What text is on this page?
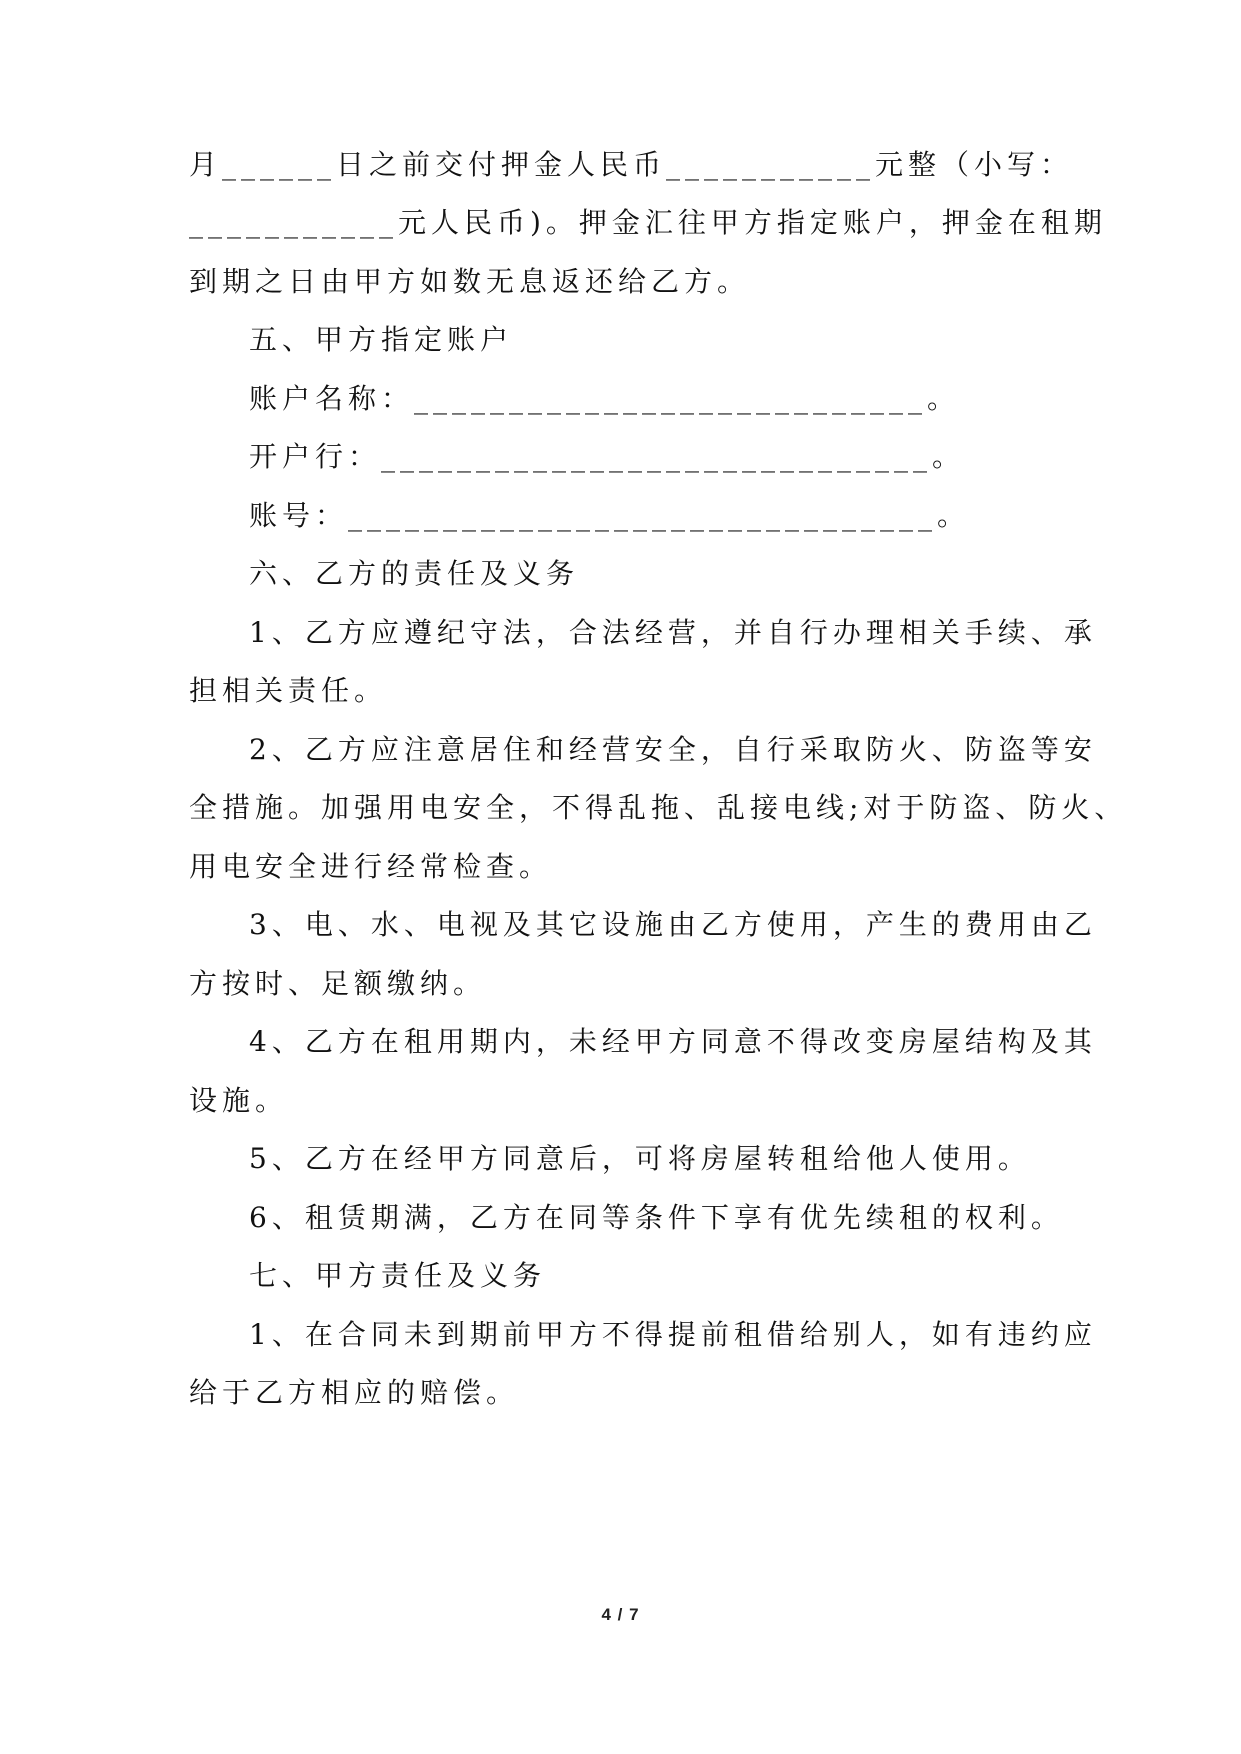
月______日之前交付押金人民币___________元整（小写：
___________元人民币)。押金汇往甲方指定账户，押金在租期
到期之日由甲方如数无息返还给乙方。
五、甲方指定账户
账户名称：___________________________。
开户行：_____________________________。
账号：_______________________________。
六、乙方的责任及义务
1、乙方应遵纪守法，合法经营，并自行办理相关手续、承
担相关责任。
2、乙方应注意居住和经营安全，自行采取防火、防盗等安
全措施。加强用电安全，不得乱拖、乱接电线;对于防盗、防火、
用电安全进行经常检查。
3、电、水、电视及其它设施由乙方使用，产生的费用由乙
方按时、足额缴纳。
4、乙方在租用期内，未经甲方同意不得改变房屋结构及其
设施。
5、乙方在经甲方同意后，可将房屋转租给他人使用。
6、租赁期满，乙方在同等条件下享有优先续租的权利。
七、甲方责任及义务
1、在合同未到期前甲方不得提前租借给别人，如有违约应
给于乙方相应的赔偿。
4 / 7
